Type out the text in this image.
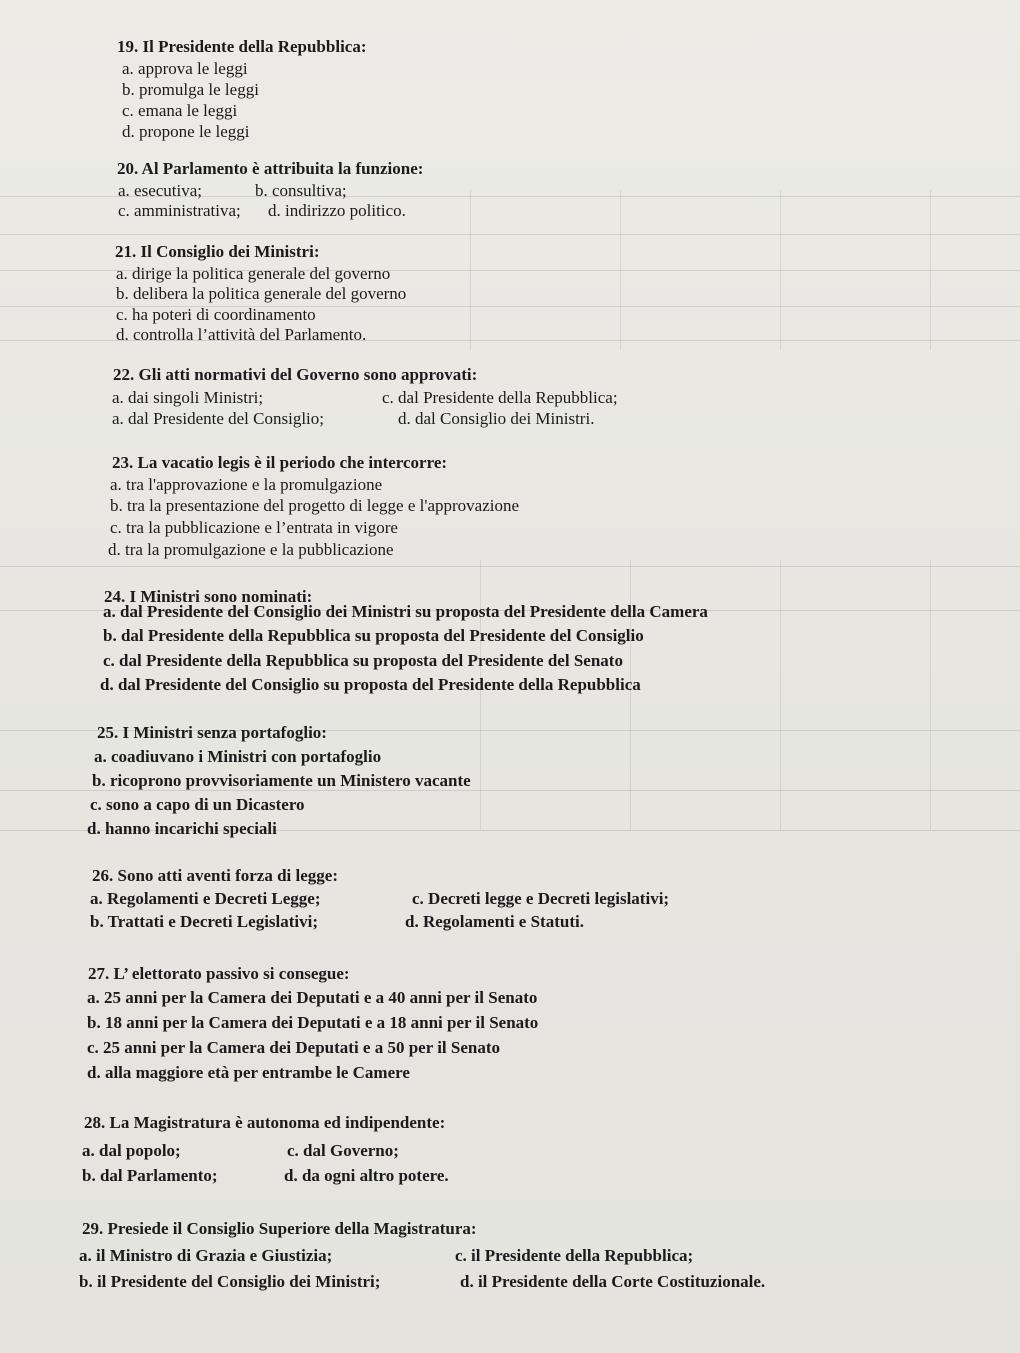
19. Il Presidente della Repubblica:
a. approva le leggi
b. promulga le leggi
c. emana le leggi
d. propone le leggi
20. Al Parlamento è attribuita la funzione:
a. esecutiva;	b. consultiva;
c. amministrativa; d. indirizzo politico.
21. Il Consiglio dei Ministri:
a. dirige la politica generale del governo
b. delibera la politica generale del governo
c. ha poteri di coordinamento
d. controlla l’attività del Parlamento.
22. Gli atti normativi del Governo sono approvati:
a. dai singoli Ministri;	c. dal Presidente della Repubblica;
a. dal Presidente del Consiglio;	d. dal Consiglio dei Ministri.
23. La vacatio legis è il periodo che intercorre:
a. tra l'approvazione e la promulgazione
b. tra la presentazione del progetto di legge e l'approvazione
c. tra la pubblicazione e l’entrata in vigore
d. tra la promulgazione e la pubblicazione
24. I Ministri sono nominati:
a. dal Presidente del Consiglio dei Ministri su proposta del Presidente della Camera
b. dal Presidente della Repubblica su proposta del Presidente del Consiglio
c. dal Presidente della Repubblica su proposta del Presidente del Senato
d. dal Presidente del Consiglio su proposta del Presidente della Repubblica
25. I Ministri senza portafoglio:
a. coadiuvano i Ministri con portafoglio
b. ricoprono provvisoriamente un Ministero vacante
c. sono a capo di un Dicastero
d. hanno incarichi speciali
26. Sono atti aventi forza di legge:
a. Regolamenti e Decreti Legge;	c. Decreti legge e Decreti legislativi;
b. Trattati e Decreti Legislativi;	d. Regolamenti e Statuti.
27. L’ elettorato passivo si consegue:
a. 25 anni per la Camera dei Deputati e a 40 anni per il Senato
b. 18 anni per la Camera dei Deputati e a 18 anni per il Senato
c. 25 anni per la Camera dei Deputati e a 50 per il Senato
d. alla maggiore età per entrambe le Camere
28. La Magistratura è autonoma ed indipendente:
a. dal popolo;	c. dal Governo;
b. dal Parlamento;	d. da ogni altro potere.
29. Presiede il Consiglio Superiore della Magistratura:
a. il Ministro di Grazia e Giustizia;	c. il Presidente della Repubblica;
b. il Presidente del Consiglio dei Ministri;	d. il Presidente della Corte Costituzionale.
